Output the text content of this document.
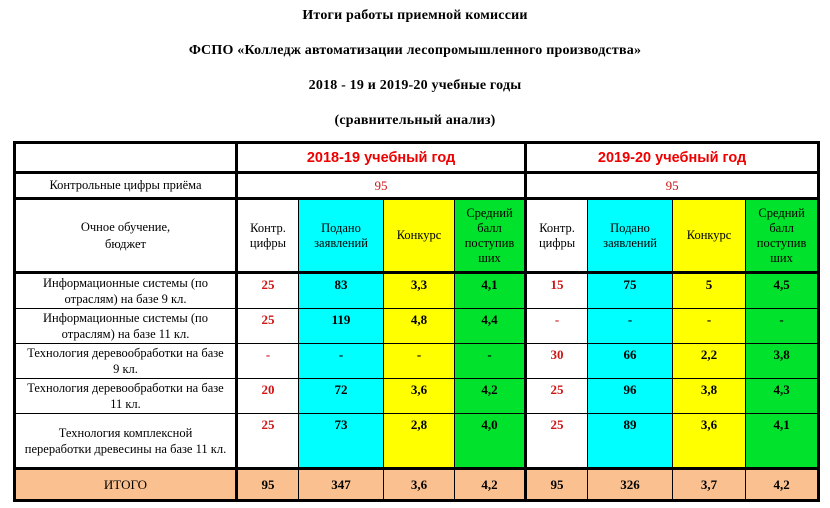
Итоги работы приемной комиссии
ФСПО «Колледж автоматизации лесопромышленного производства»
2018 - 19 и 2019-20 учебные годы
(сравнительный анализ)
	2018-19 учебный год				2019-20 учебный год			
Контрольные цифры приёма	95				95			

Очное обучение,
бюджет	Контр. цифры	Подано заявлений	Конкурс	Средний балл поступив ших	Контр. цифры	Подано заявлений	Конкурс	Средний балл поступив ших
Информационные системы (по отраслям) на базе 9 кл.	25	83	3,3	4,1	15	75	5	4,5
Информационные системы (по отраслям) на базе 11 кл.	25	119	4,8	4,4	-	-	-	-
Технология деревообработки на базе 9 кл.	-	-	-	-	30	66	2,2	3,8
Технология деревообработки на базе 11 кл.	20	72	3,6	4,2	25	96	3,8	4,3
Технология комплексной переработки древесины на базе 11 кл.	25	73	2,8	4,0	25	89	3,6	4,1
ИТОГО	95	347	3,6	4,2	95	326	3,7	4,2
